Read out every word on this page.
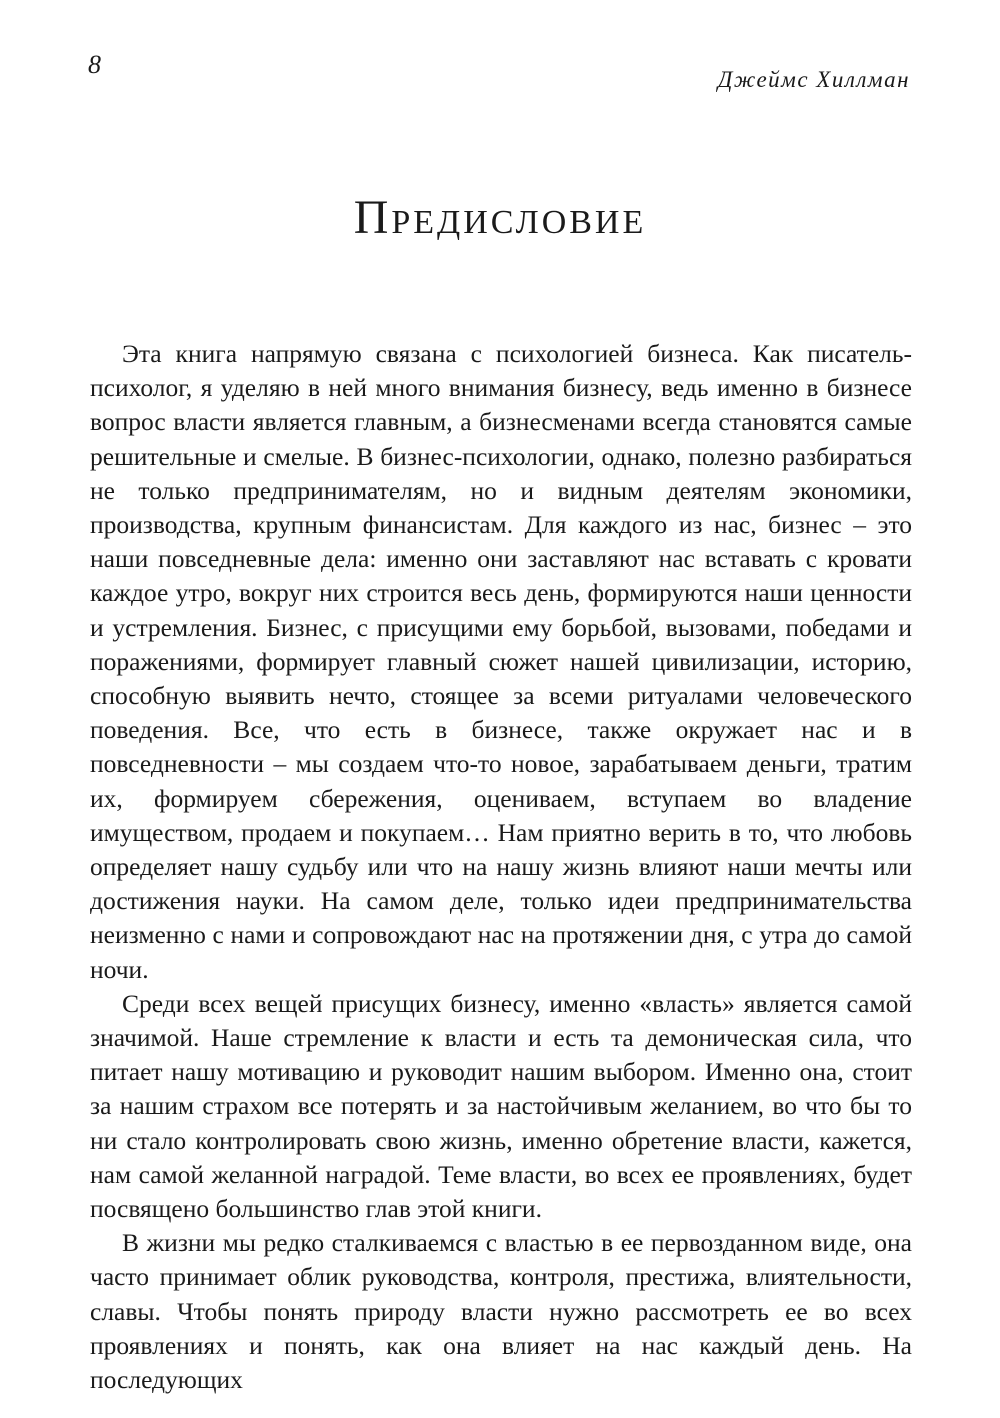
8
Джеймс Хиллман
Предисловие

Эта книга напрямую связана с психологией бизнеса. Как писатель-психолог, я уделяю в ней много внимания бизнесу, ведь именно в бизнесе вопрос власти является главным, а бизнесменами всегда становятся самые решительные и смелые. В бизнес-психологии, однако, полезно разбираться не только предпринимателям, но и видным деятелям экономики, производства, крупным финансистам. Для каждого из нас, бизнес – это наши повседневные дела: именно они заставляют нас вставать с кровати каждое утро, вокруг них строится весь день, формируются наши ценности и устремления. Бизнес, с присущими ему борьбой, вызовами, победами и поражениями, формирует главный сюжет нашей цивилизации, историю, способную выявить нечто, стоящее за всеми ритуалами человеческого поведения. Все, что есть в бизнесе, также окружает нас и в повседневности – мы создаем что-то новое, зарабатываем деньги, тратим их, формируем сбережения, оцениваем, вступаем во владение имуществом, продаем и покупаем… Нам приятно верить в то, что любовь определяет нашу судьбу или что на нашу жизнь влияют наши мечты или достижения науки. На самом деле, только идеи предпринимательства неизменно с нами и сопровождают нас на протяжении дня, с утра до самой ночи.

Среди всех вещей присущих бизнесу, именно «власть» является самой значимой. Наше стремление к власти и есть та демоническая сила, что питает нашу мотивацию и руководит нашим выбором. Именно она, стоит за нашим страхом все потерять и за настойчивым желанием, во что бы то ни стало контролировать свою жизнь, именно обретение власти, кажется, нам самой желанной наградой. Теме власти, во всех ее проявлениях, будет посвящено большинство глав этой книги.

В жизни мы редко сталкиваемся с властью в ее первозданном виде, она часто принимает облик руководства, контроля, престижа, влиятельности, славы. Чтобы понять природу власти нужно рассмотреть ее во всех проявлениях и понять, как она влияет на нас каждый день. На последующих
